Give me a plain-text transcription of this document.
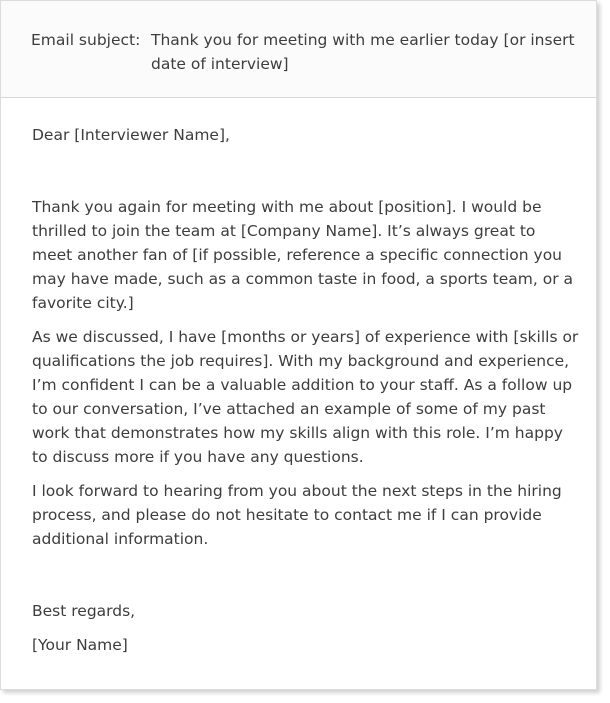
Email subject: Thank you for meeting with me earlier today [or insert date of interview]

Dear [Interviewer Name],

Thank you again for meeting with me about [position]. I would be thrilled to join the team at [Company Name]. It’s always great to meet another fan of [if possible, reference a specific connection you may have made, such as a common taste in food, a sports team, or a favorite city.]

As we discussed, I have [months or years] of experience with [skills or qualifications the job requires]. With my background and experience, I’m confident I can be a valuable addition to your staff. As a follow up to our conversation, I’ve attached an example of some of my past work that demonstrates how my skills align with this role. I’m happy to discuss more if you have any questions.

I look forward to hearing from you about the next steps in the hiring process, and please do not hesitate to contact me if I can provide additional information.

Best regards,

[Your Name]
